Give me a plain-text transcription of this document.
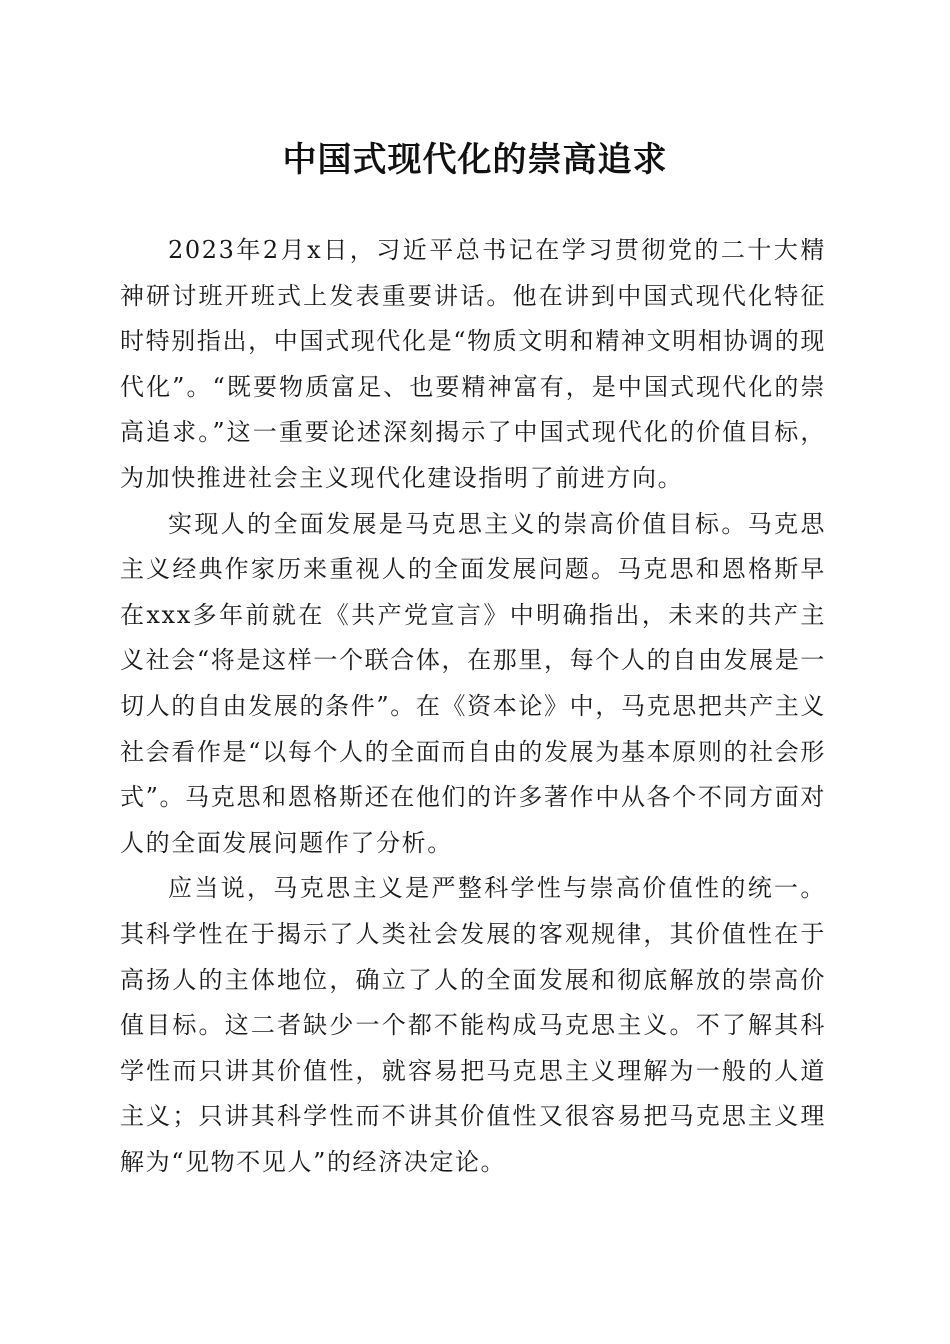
中国式现代化的崇高追求

2023年2月x日，习近平总书记在学习贯彻党的二十大精神研讨班开班式上发表重要讲话。他在讲到中国式现代化特征时特别指出，中国式现代化是“物质文明和精神文明相协调的现代化”。“既要物质富足、也要精神富有，是中国式现代化的崇高追求。”这一重要论述深刻揭示了中国式现代化的价值目标，为加快推进社会主义现代化建设指明了前进方向。

实现人的全面发展是马克思主义的崇高价值目标。马克思主义经典作家历来重视人的全面发展问题。马克思和恩格斯早在xxx多年前就在《共产党宣言》中明确指出，未来的共产主义社会“将是这样一个联合体，在那里，每个人的自由发展是一切人的自由发展的条件”。在《资本论》中，马克思把共产主义社会看作是“以每个人的全面而自由的发展为基本原则的社会形式”。马克思和恩格斯还在他们的许多著作中从各个不同方面对人的全面发展问题作了分析。

应当说，马克思主义是严整科学性与崇高价值性的统一。其科学性在于揭示了人类社会发展的客观规律，其价值性在于高扬人的主体地位，确立了人的全面发展和彻底解放的崇高价值目标。这二者缺少一个都不能构成马克思主义。不了解其科学性而只讲其价值性，就容易把马克思主义理解为一般的人道主义；只讲其科学性而不讲其价值性又很容易把马克思主义理解为“见物不见人”的经济决定论。
